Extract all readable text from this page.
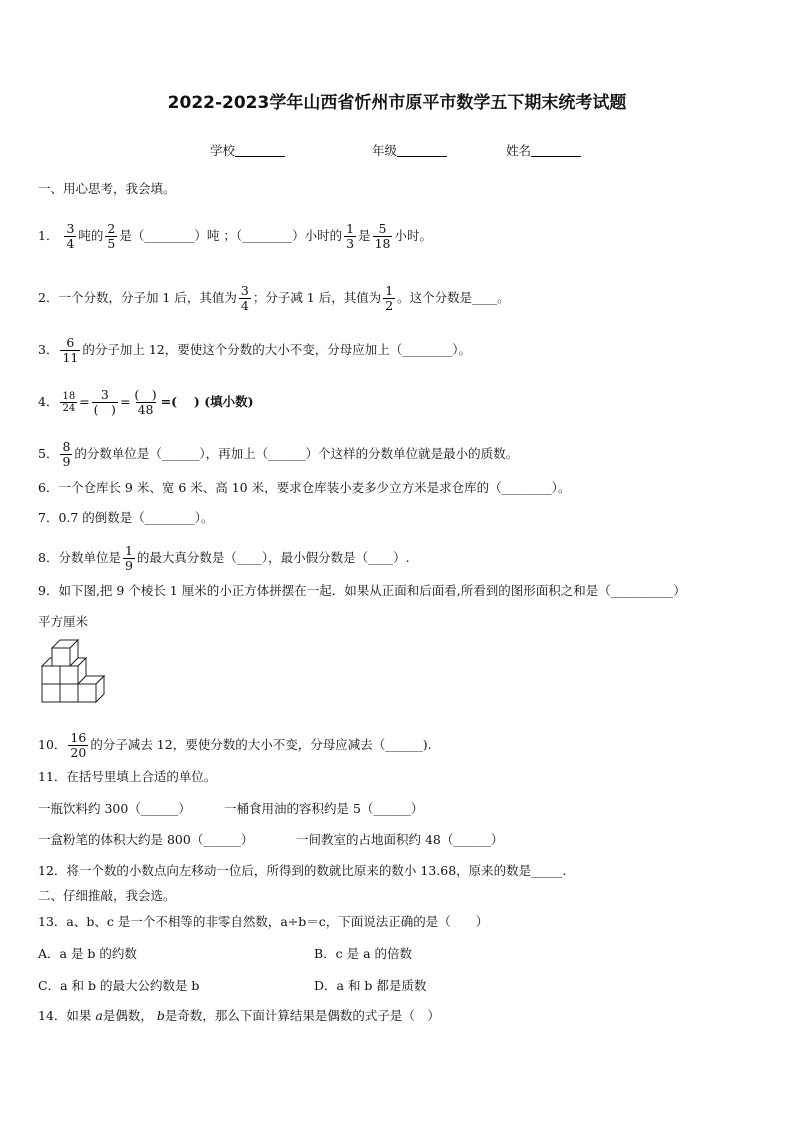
2022-2023学年山西省忻州市原平市数学五下期末统考试题
学校	年级	姓名
一、用心思考，我会填。
1． $\frac{3}{4}$ 吨的 $\frac{2}{5}$ 是（________）吨 ；（________）小时的 $\frac{1}{3}$ 是 $\frac{5}{18}$ 小时。
2．一个分数，分子加 1 后，其值为 $\frac{3}{4}$ ；分子减 1 后，其值为 $\frac{1}{2}$ 。这个分数是____。
3． $\frac{6}{11}$ 的分子加上 12，要使这个分数的大小不变，分母应加上（________）。
4． $\frac{18}{24} = \frac{3}{( )} = \frac{( )}{48}$ =(　 ) (填小数)
5． $\frac{8}{9}$ 的分数单位是（______），再加上（______）个这样的分数单位就是最小的质数。
6．一个仓库长 9 米、宽 6 米、高 10 米，要求仓库装小麦多少立方米是求仓库的（________）。
7．0.7 的倒数是（________）。
8．分数单位是 $\frac{1}{9}$ 的最大真分数是（____），最小假分数是（____）.
9．如下图,把 9 个棱长 1 厘米的小正方体拼摆在一起．如果从正面和后面看,所看到的图形面积之和是（__________）
平方厘米
10． $\frac{16}{20}$ 的分子减去 12，要使分数的大小不变，分母应减去（______).
11．在括号里填上合适的单位。
一瓶饮料约 300（______）	一桶食用油的容积约是 5（______）
一盒粉笔的体积大约是 800（______）	一间教室的占地面积约 48（______）
12．将一个数的小数点向左移动一位后，所得到的数就比原来的数小 13.68，原来的数是_____.
二、仔细推敲，我会选。
13．a、b、c 是一个不相等的非零自然数，a÷b＝c，下面说法正确的是（　　）
A．a 是 b 的约数	B．c 是 a 的倍数
C．a 和 b 的最大公约数是 b	D．a 和 b 都是质数
14．如果 a是偶数， b是奇数，那么下面计算结果是偶数的式子是（　）
